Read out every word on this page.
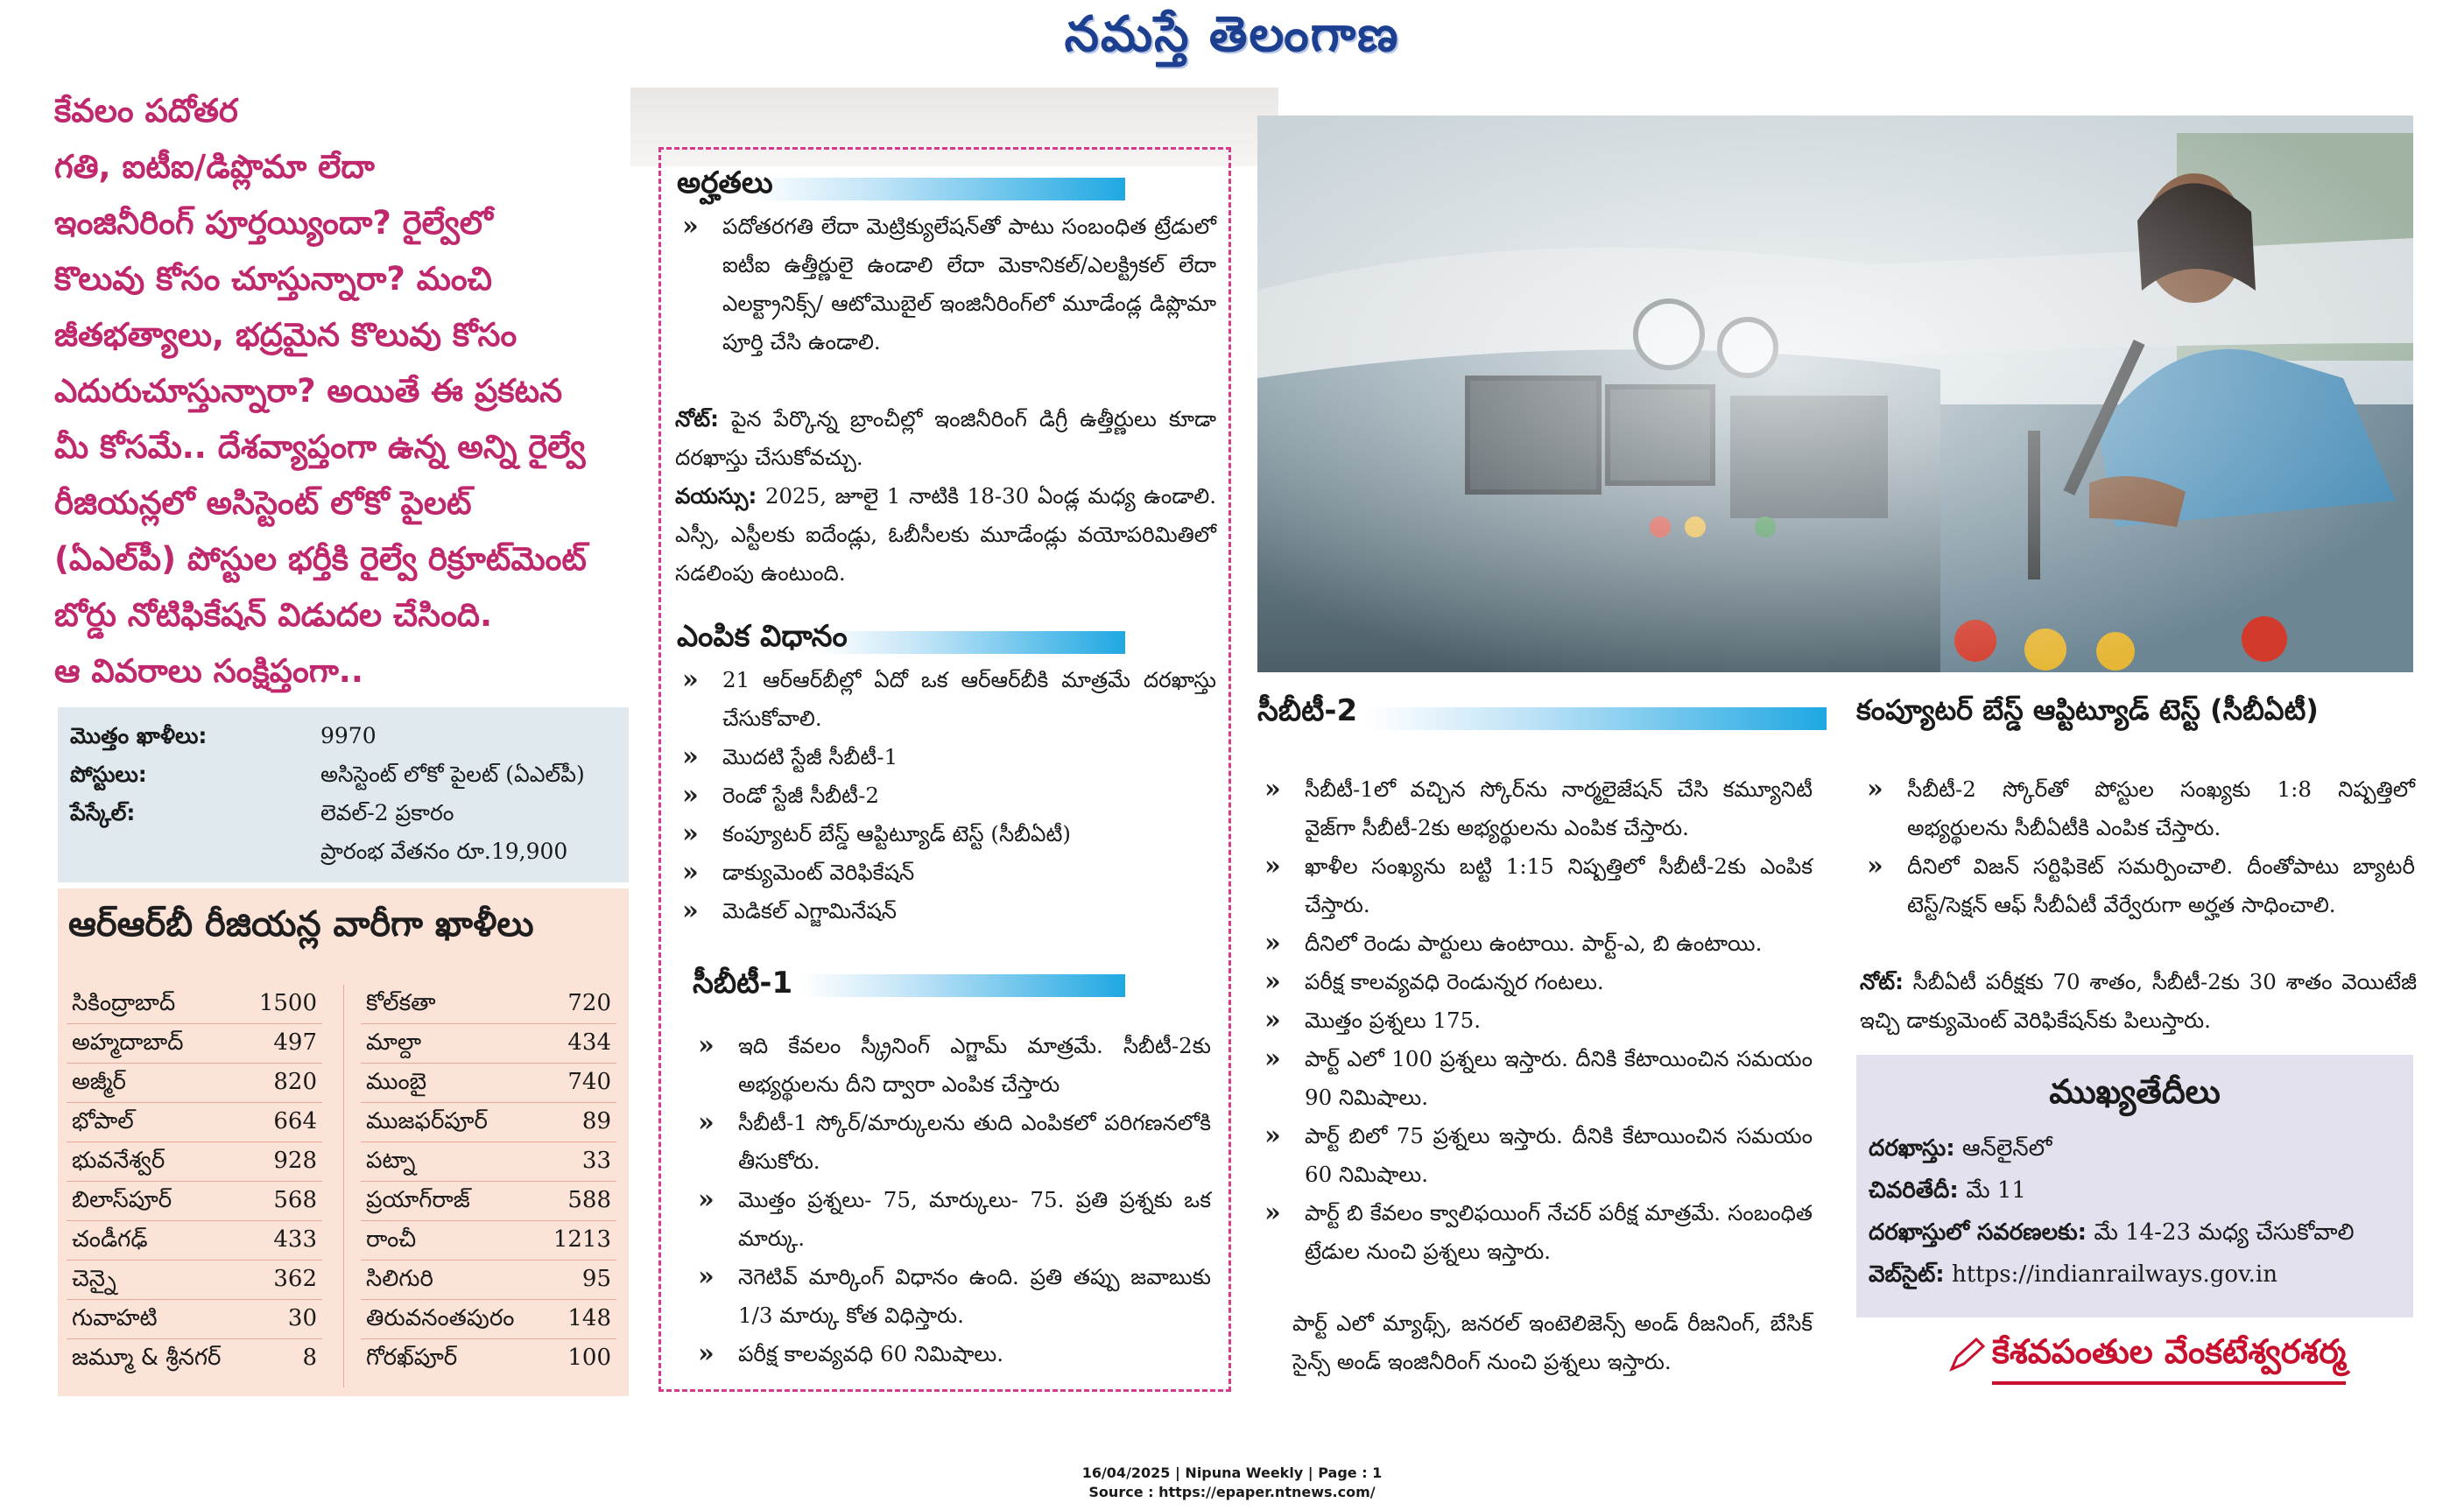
నమస్తే తెలంగాణ

కేవలం పదోతర

గతి, ఐటీఐ/డిప్లొమా లేదా

ఇంజినీరింగ్ పూర్తయ్యిందా? రైల్వేలో

కొలువు కోసం చూస్తున్నారా? మంచి

జీతభత్యాలు, భద్రమైన కొలువు కోసం

ఎదురుచూస్తున్నారా? అయితే ఈ ప్రకటన

మీ కోసమే.. దేశవ్యాప్తంగా ఉన్న అన్ని రైల్వే

రీజియన్లలో అసిస్టెంట్ లోకో పైలట్

(ఏఎల్‌పీ) పోస్టుల భర్తీకి రైల్వే రిక్రూట్‌మెంట్

బోర్డు నోటిఫికేషన్ విడుదల చేసింది.

ఆ వివరాలు సంక్షిప్తంగా..

మొత్తం ఖాళీలు:	9970
పోస్టులు:	అసిస్టెంట్ లోకో పైలట్ (ఏఎల్‌పీ)
పేస్కేల్:	లెవల్-2 ప్రకారం
ప్రారంభ వేతనం రూ.19,900
ఆర్ఆర్‌బీ రీజియన్ల వారీగా ఖాళీలు
సికింద్రాబాద్	1500
అహ్మదాబాద్	497
అజ్మీర్	820
భోపాల్	664
భువనేశ్వర్	928
బిలాస్‌పూర్	568
చండీగఢ్	433
చెన్నై	362
గువాహటి	30
జమ్మూ & శ్రీనగర్	8
కోల్‌కతా	720
మాల్దా	434
ముంబై	740
ముజఫర్‌పూర్	89
పట్నా	33
ప్రయాగ్‌రాజ్	588
రాంచీ	1213
సిలిగురి	95
తిరువనంతపురం 148
గోరఖ్‌పూర్	100
అర్హతలు
» పదోతరగతి లేదా మెట్రిక్యులేషన్‌తో పాటు సంబంధిత ట్రేడులో ఐటీఐ ఉత్తీర్ణులై ఉండాలి లేదా మెకానికల్/ఎలక్ట్రికల్ లేదా ఎలక్ట్రానిక్స్/ ఆటోమొబైల్ ఇంజినీరింగ్‌లో మూడేండ్ల డిప్లొమా పూర్తి చేసి ఉండాలి.
నోట్: పైన పేర్కొన్న బ్రాంచీల్లో ఇంజినీరింగ్ డిగ్రీ ఉత్తీర్ణులు కూడా దరఖాస్తు చేసుకోవచ్చు.
వయస్సు: 2025, జూలై 1 నాటికి 18-30 ఏండ్ల మధ్య ఉండాలి. ఎస్సీ, ఎస్టీలకు ఐదేండ్లు, ఓబీసీలకు మూడేండ్లు వయోపరిమితిలో సడలింపు ఉంటుంది.
ఎంపిక విధానం
» 21 ఆర్ఆర్‌బీల్లో ఏదో ఒక ఆర్ఆర్‌బీకి మాత్రమే దరఖాస్తు చేసుకోవాలి.
» మొదటి స్టేజీ సీబీటీ-1
» రెండో స్టేజీ సీబీటీ-2
» కంప్యూటర్ బేస్డ్ ఆప్టిట్యూడ్ టెస్ట్ (సీబీఏటీ)
» డాక్యుమెంట్ వెరిఫికేషన్
» మెడికల్ ఎగ్జామినేషన్
సీబీటీ-1
» ఇది కేవలం స్క్రీనింగ్ ఎగ్జామ్ మాత్రమే. సీబీటీ-2కు అభ్యర్థులను దీని ద్వారా ఎంపిక చేస్తారు
» సీబీటీ-1 స్కోర్/మార్కులను తుది ఎంపికలో పరిగణనలోకి తీసుకోరు.
» మొత్తం ప్రశ్నలు- 75, మార్కులు- 75. ప్రతి ప్రశ్నకు ఒక మార్కు.
» నెగెటివ్ మార్కింగ్ విధానం ఉంది. ప్రతి తప్పు జవాబుకు 1/3 మార్కు కోత విధిస్తారు.
» పరీక్ష కాలవ్యవధి 60 నిమిషాలు.
సీబీటీ-2
» సీబీటీ-1లో వచ్చిన స్కోర్‌ను నార్మలైజేషన్ చేసి కమ్యూనిటీ వైజ్‌గా సీబీటీ-2కు అభ్యర్థులను ఎంపిక చేస్తారు.
» ఖాళీల సంఖ్యను బట్టి 1:15 నిష్పత్తిలో సీబీటీ-2కు ఎంపిక చేస్తారు.
» దీనిలో రెండు పార్టులు ఉంటాయి. పార్ట్-ఎ, బి ఉంటాయి.
» పరీక్ష కాలవ్యవధి రెండున్నర గంటలు.
» మొత్తం ప్రశ్నలు 175.
» పార్ట్ ఎలో 100 ప్రశ్నలు ఇస్తారు. దీనికి కేటాయించిన సమయం 90 నిమిషాలు.
» పార్ట్ బిలో 75 ప్రశ్నలు ఇస్తారు. దీనికి కేటాయించిన సమయం 60 నిమిషాలు.
» పార్ట్ బి కేవలం క్వాలిఫయింగ్ నేచర్ పరీక్ష మాత్రమే. సంబంధిత ట్రేడుల నుంచి ప్రశ్నలు ఇస్తారు.
పార్ట్ ఎలో మ్యాథ్స్, జనరల్ ఇంటెలిజెన్స్ అండ్ రీజనింగ్, బేసిక్ సైన్స్ అండ్ ఇంజినీరింగ్ నుంచి ప్రశ్నలు ఇస్తారు.
కంప్యూటర్ బేస్డ్ ఆప్టిట్యూడ్ టెస్ట్ (సీబీఏటీ)
» సీబీటీ-2 స్కోర్‌తో పోస్టుల సంఖ్యకు 1:8 నిష్పత్తిలో అభ్యర్థులను సీబీఏటీకి ఎంపిక చేస్తారు.
» దీనిలో విజన్ సర్టిఫికెట్ సమర్పించాలి. దీంతోపాటు బ్యాటరీ టెస్ట్/సెక్షన్ ఆఫ్ సీబీఏటీ వేర్వేరుగా అర్హత సాధించాలి.
నోట్: సీబీఏటీ పరీక్షకు 70 శాతం, సీబీటీ-2కు 30 శాతం వెయిటేజీ ఇచ్చి డాక్యుమెంట్ వెరిఫికేషన్‌కు పిలుస్తారు.
ముఖ్యతేదీలు
దరఖాస్తు: ఆన్‌లైన్‌లో
చివరితేదీ: మే 11
దరఖాస్తులో సవరణలకు: మే 14-23 మధ్య చేసుకోవాలి
వెబ్‌సైట్: https://indianrailways.gov.in
కేశవపంతుల వేంకటేశ్వరశర్మ
16/04/2025 | Nipuna Weekly | Page : 1
Source : https://epaper.ntnews.com/
